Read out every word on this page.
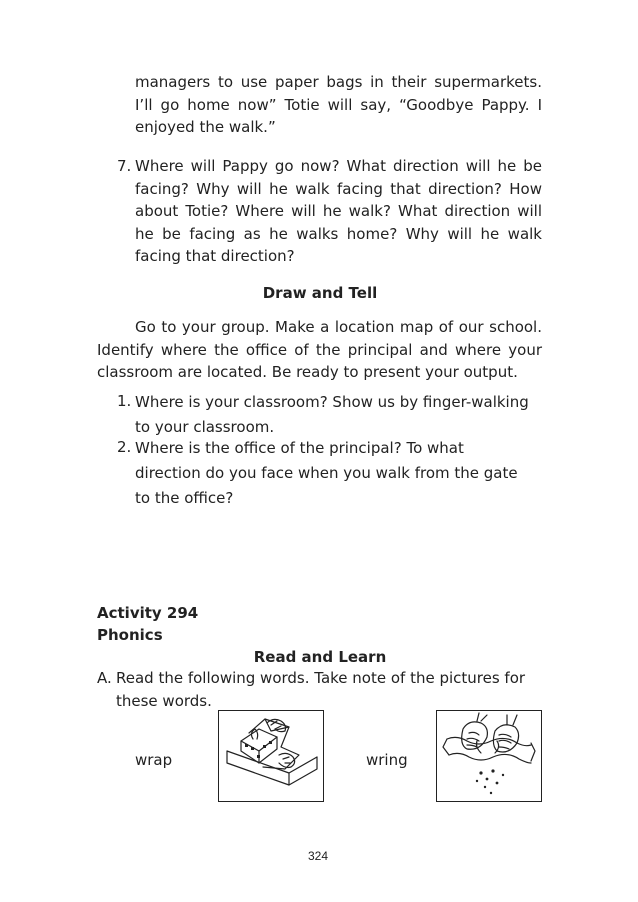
managers to use paper bags in their supermarkets. I’ll go home now” Totie will say, “Goodbye Pappy. I enjoyed the walk.”
7. Where will Pappy go now? What direction will he be facing? Why will he walk facing that direction? How about Totie? Where will he walk? What direction will he be facing as he walks home? Why will he walk facing that direction?
Draw and Tell
Go to your group. Make a location map of our school. Identify where the office of the principal and where your classroom are located. Be ready to present your output.
1. Where is your classroom? Show us by finger-walking to your classroom.
2. Where is the office of the principal? To what direction do you face when you walk from the gate to the office?
Activity 294
Phonics
Read and Learn
A. Read the following words. Take note of the pictures for these words.
wrap	wring
324
